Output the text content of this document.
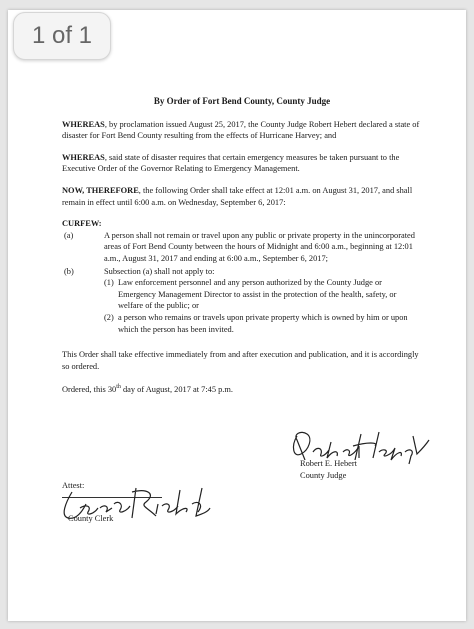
1 of 1
By Order of Fort Bend County, County Judge

WHEREAS, by proclamation issued August 25, 2017, the County Judge Robert Hebert declared a state of disaster for Fort Bend County resulting from the effects of Hurricane Harvey; and

WHEREAS, said state of disaster requires that certain emergency measures be taken pursuant to the Executive Order of the Governor Relating to Emergency Management.

NOW, THEREFORE, the following Order shall take effect at 12:01 a.m. on August 31, 2017, and shall remain in effect until 6:00 a.m. on Wednesday, September 6, 2017:

CURFEW:
(a)	A person shall not remain or travel upon any public or private property in the unincorporated areas of Fort Bend County between the hours of Midnight and 6:00 a.m., beginning at 12:01 a.m., August 31, 2017 and ending at 6:00 a.m., September 6, 2017;
(b)	Subsection (a) shall not apply to:
(1) Law enforcement personnel and any person authorized by the County Judge or Emergency Management Director to assist in the protection of the health, safety, or welfare of the public; or
(2) a person who remains or travels upon private property which is owned by him or upon which the person has been invited.

This Order shall take effective immediately from and after execution and publication, and it is accordingly so ordered.

Ordered, this 30th day of August, 2017 at 7:45 p.m.

Robert E. Hebert
County Judge
Attest:
County Clerk
